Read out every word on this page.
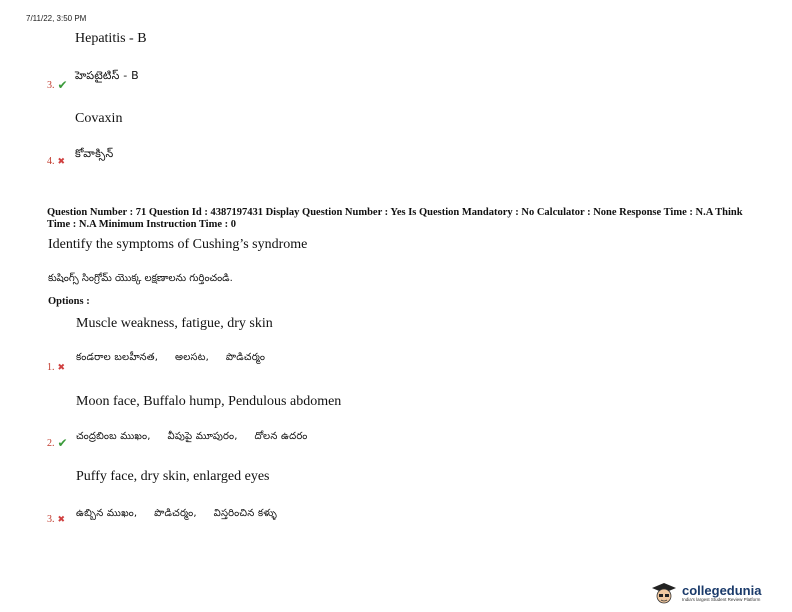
7/11/22, 3:50 PM
Hepatitis - B
3. ✔
హెపటైటిస్ - B
Covaxin
4. ✖
కోవాక్సిన్
Question Number : 71 Question Id : 4387197431 Display Question Number : Yes Is Question Mandatory : No Calculator : None Response Time : N.A Think Time : N.A Minimum Instruction Time : 0
Identify the symptoms of Cushing’s syndrome
కుషింగ్స్ సింగ్రోమ్ యొక్క లక్షణాలను గుర్తించండి.
Options :
Muscle weakness, fatigue, dry skin
1. ✖
కండరాల బలహీనత,     అలసట,     పొడిచర్మం
Moon face, Buffalo hump, Pendulous abdomen
2. ✔ చంద్రబింబ ముఖం,     వీపుపై మూపురం,     దోలన ఉదరం
Puffy face, dry skin, enlarged eyes
3. ✖
ఉబ్బిన ముఖం,     పొడిచర్మం,     విస్తరించిన కళ్ళు
collegedunia
India's largest Student Review Platform
